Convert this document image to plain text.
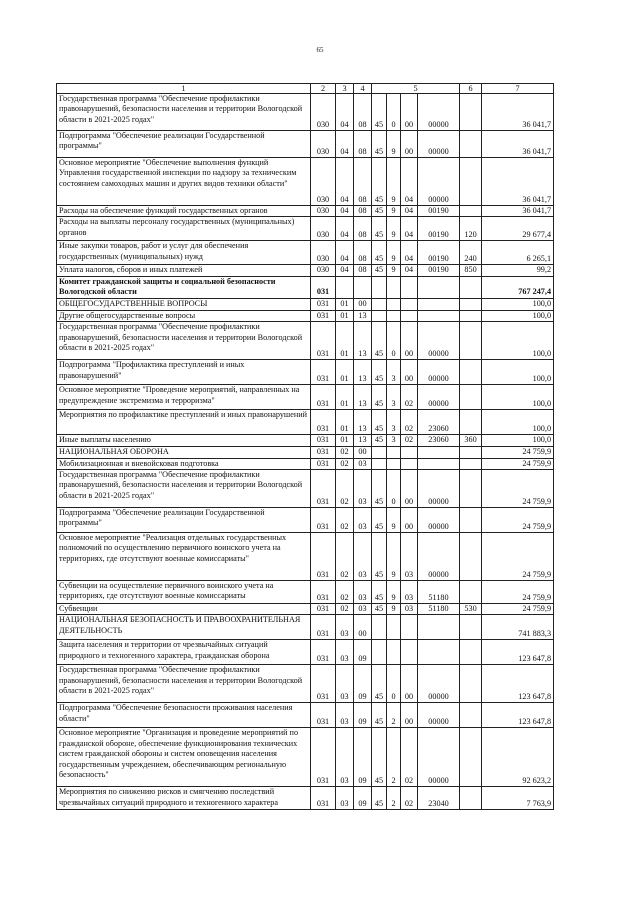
65
1	2	3	4	5				6	7
Государственная программа "Обеспечение профилактики правонарушений, безопасности населения и территории Вологодской области в 2021-2025 годах"	030	04	08	45	0	00	00000		36 041,7
Подпрограмма "Обеспечение реализации Государственной программы"	030	04	08	45	9	00	00000		36 041,7
Основное мероприятие "Обеспечение выполнения функций Управления государственной инспекции по надзору за техническим состоянием самоходных машин и других видов техники области"	030	04	08	45	9	04	00000		36 041,7
Расходы на обеспечение функций государственных органов	030	04	08	45	9	04	00190		36 041,7
Расходы на выплаты персоналу государственных (муниципальных) органов	030	04	08	45	9	04	00190	120	29 677,4
Иные закупки товаров, работ и услуг для обеспечения государственных (муниципальных) нужд	030	04	08	45	9	04	00190	240	6 265,1
Уплата налогов, сборов и иных платежей	030	04	08	45	9	04	00190	850	99,2
Комитет гражданской защиты и социальной безопасности Вологодской области	031								767 247,4
ОБЩЕГОСУДАРСТВЕННЫЕ ВОПРОСЫ	031	01	00						100,0
Другие общегосударственные вопросы	031	01	13						100,0
Государственная программа "Обеспечение профилактики правонарушений, безопасности населения и территории Вологодской области в 2021-2025 годах"	031	01	13	45	0	00	00000		100,0
Подпрограмма "Профилактика преступлений и иных правонарушений"	031	01	13	45	3	00	00000		100,0
Основное мероприятие "Проведение мероприятий, направленных на предупреждение экстремизма и терроризма"	031	01	13	45	3	02	00000		100,0
Мероприятия по профилактике преступлений и иных правонарушений	031	01	13	45	3	02	23060		100,0
Иные выплаты населению	031	01	13	45	3	02	23060	360	100,0
НАЦИОНАЛЬНАЯ ОБОРОНА	031	02	00						24 759,9
Мобилизационная и вневойсковая подготовка	031	02	03						24 759,9
Государственная программа "Обеспечение профилактики правонарушений, безопасности населения и территории Вологодской области в 2021-2025 годах"	031	02	03	45	0	00	00000		24 759,9
Подпрограмма "Обеспечение реализации Государственной программы"	031	02	03	45	9	00	00000		24 759,9
Основное мероприятие "Реализация отдельных государственных полномочий по осуществлению первичного воинского учета на территориях, где отсутствуют военные комиссариаты"	031	02	03	45	9	03	00000		24 759,9
Субвенции на осуществление первичного воинского учета на территориях, где отсутствуют военные комиссариаты	031	02	03	45	9	03	51180		24 759,9
Субвенции	031	02	03	45	9	03	51180	530	24 759,9
НАЦИОНАЛЬНАЯ БЕЗОПАСНОСТЬ И ПРАВООХРАНИТЕЛЬНАЯ ДЕЯТЕЛЬНОСТЬ	031	03	00						741 883,3
Защита населения и территории от чрезвычайных ситуаций природного и техногенного характера, гражданская оборона	031	03	09						123 647,8
Государственная программа "Обеспечение профилактики правонарушений, безопасности населения и территории Вологодской области в 2021-2025 годах"	031	03	09	45	0	00	00000		123 647,8
Подпрограмма "Обеспечение безопасности проживания населения области"	031	03	09	45	2	00	00000		123 647,8
Основное мероприятие "Организация и проведение мероприятий по гражданской обороне, обеспечение функционирования технических систем гражданской обороны и систем оповещения населения государственным учреждением, обеспечивающим региональную безопасность"	031	03	09	45	2	02	00000		92 623,2
Мероприятия по снижению рисков и смягчению последствий чрезвычайных ситуаций природного и техногенного характера	031	03	09	45	2	02	23040		7 763,9
